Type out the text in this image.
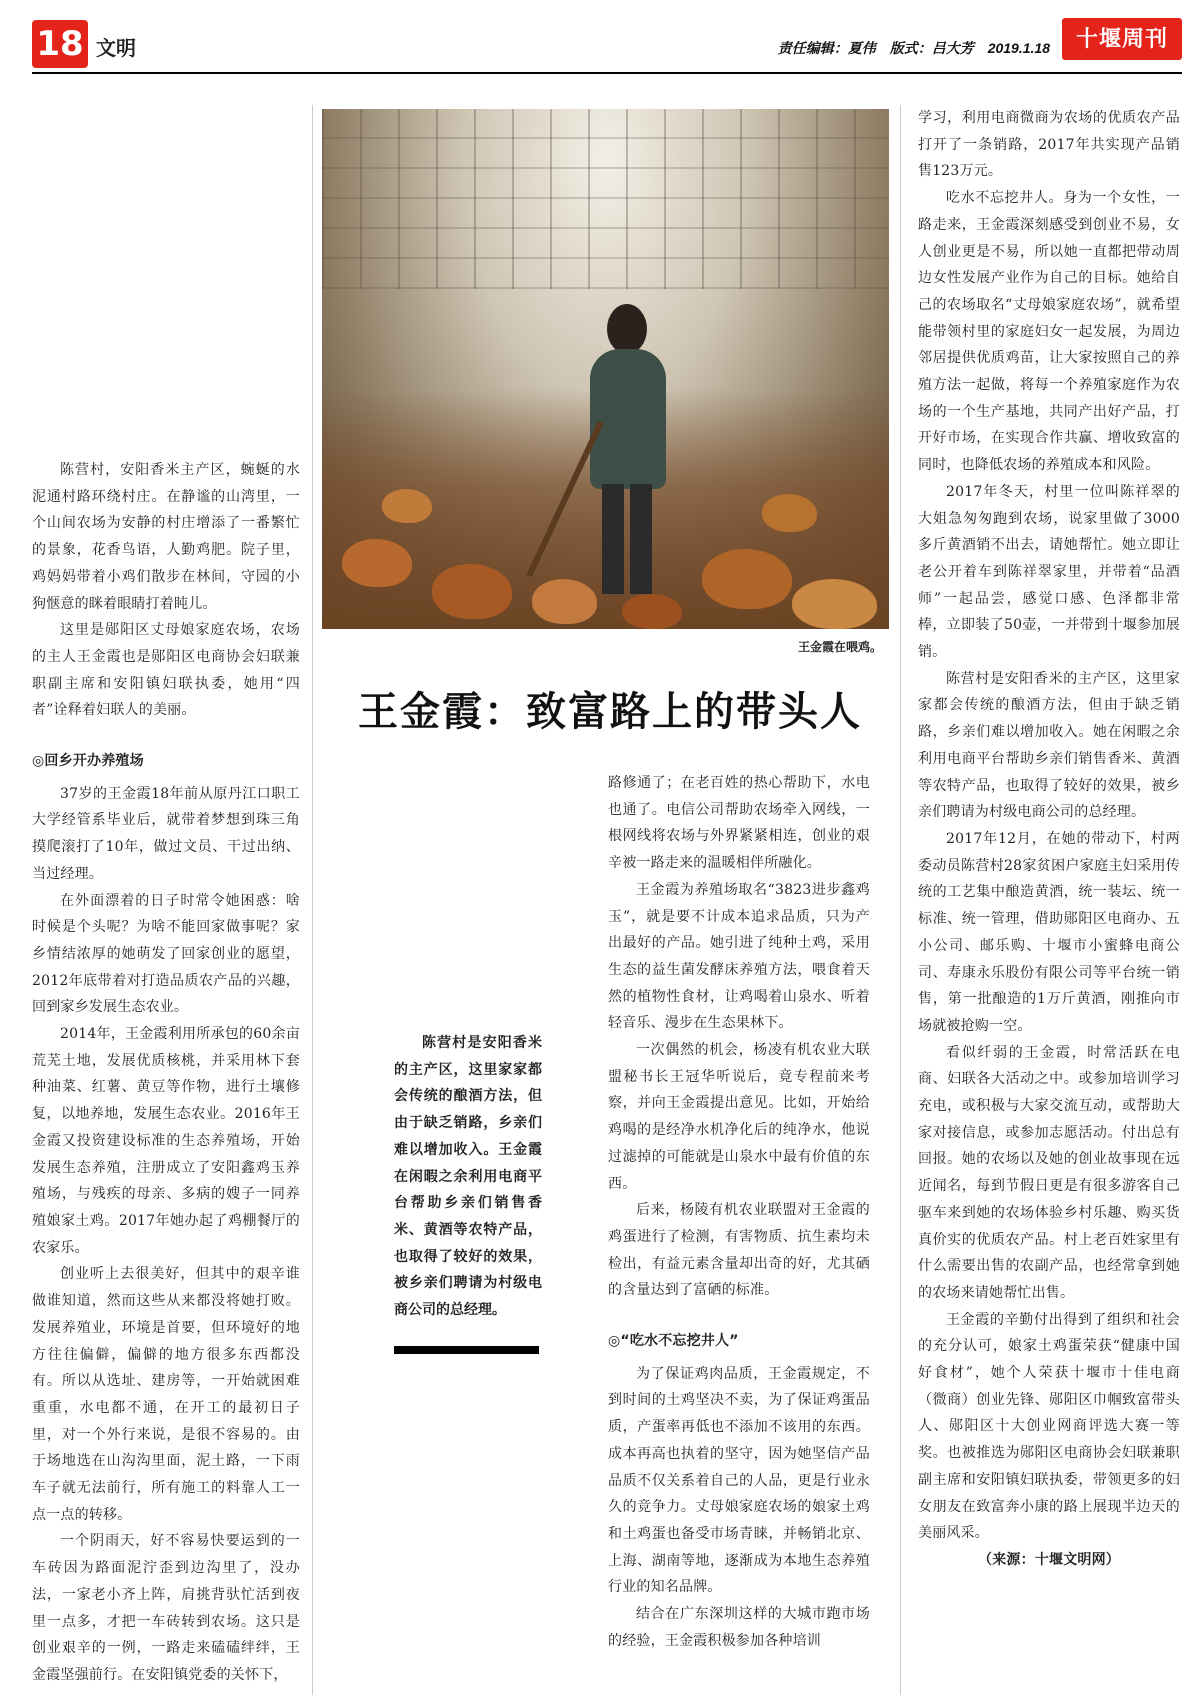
18 文明	责任编辑：夏伟　版式：吕大芳　2019.1.18	十堰周刊
王金霞在喂鸡。
王金霞：致富路上的带头人

陈营村是安阳香米的主产区，这里家家都会传统的酿酒方法，但由于缺乏销路，乡亲们难以增加收入。王金霞在闲暇之余利用电商平台帮助乡亲们销售香米、黄酒等农特产品，也取得了较好的效果，被乡亲们聘请为村级电商公司的总经理。

陈营村，安阳香米主产区，蜿蜒的水泥通村路环绕村庄。在静谧的山湾里，一个山间农场为安静的村庄增添了一番繁忙的景象，花香鸟语，人勤鸡肥。院子里，鸡妈妈带着小鸡们散步在林间，守园的小狗惬意的眯着眼睛打着盹儿。

这里是郧阳区丈母娘家庭农场，农场的主人王金霞也是郧阳区电商协会妇联兼职副主席和安阳镇妇联执委，她用“四者”诠释着妇联人的美丽。

◎回乡开办养殖场

37岁的王金霞18年前从原丹江口职工大学经管系毕业后，就带着梦想到珠三角摸爬滚打了10年，做过文员、干过出纳、当过经理。

在外面漂着的日子时常令她困惑：啥时候是个头呢？为啥不能回家做事呢？家乡情结浓厚的她萌发了回家创业的愿望，2012年底带着对打造品质农产品的兴趣，回到家乡发展生态农业。

2014年，王金霞利用所承包的60余亩荒芜土地，发展优质核桃，并采用林下套种油菜、红薯、黄豆等作物，进行土壤修复，以地养地，发展生态农业。2016年王金霞又投资建设标准的生态养殖场，开始发展生态养殖，注册成立了安阳鑫鸡玉养殖场，与残疾的母亲、多病的嫂子一同养殖娘家土鸡。2017年她办起了鸡棚餐厅的农家乐。

创业听上去很美好，但其中的艰辛谁做谁知道，然而这些从来都没将她打败。发展养殖业，环境是首要，但环境好的地方往往偏僻，偏僻的地方很多东西都没有。所以从选址、建房等，一开始就困难重重，水电都不通，在开工的最初日子里，对一个外行来说，是很不容易的。由于场地选在山沟沟里面，泥土路，一下雨车子就无法前行，所有施工的料靠人工一点一点的转移。

一个阴雨天，好不容易快要运到的一车砖因为路面泥泞歪到边沟里了，没办法，一家老小齐上阵，肩挑背驮忙活到夜里一点多，才把一车砖转到农场。这只是创业艰辛的一例，一路走来磕磕绊绊，王金霞坚强前行。在安阳镇党委的关怀下，

路修通了；在老百姓的热心帮助下，水电也通了。电信公司帮助农场牵入网线，一根网线将农场与外界紧紧相连，创业的艰辛被一路走来的温暖相伴所融化。

王金霞为养殖场取名“3823进步鑫鸡玉”，就是要不计成本追求品质，只为产出最好的产品。她引进了纯种土鸡，采用生态的益生菌发酵床养殖方法，喂食着天然的植物性食材，让鸡喝着山泉水、听着轻音乐、漫步在生态果林下。

一次偶然的机会，杨凌有机农业大联盟秘书长王冠华听说后，竟专程前来考察，并向王金霞提出意见。比如，开始给鸡喝的是经净水机净化后的纯净水，他说过滤掉的可能就是山泉水中最有价值的东西。

后来，杨陵有机农业联盟对王金霞的鸡蛋进行了检测，有害物质、抗生素均未检出，有益元素含量却出奇的好，尤其硒的含量达到了富硒的标准。

◎“吃水不忘挖井人”

为了保证鸡肉品质，王金霞规定，不到时间的土鸡坚决不卖，为了保证鸡蛋品质，产蛋率再低也不添加不该用的东西。成本再高也执着的坚守，因为她坚信产品品质不仅关系着自己的人品，更是行业永久的竞争力。丈母娘家庭农场的娘家土鸡和土鸡蛋也备受市场青睐，并畅销北京、上海、湖南等地，逐渐成为本地生态养殖行业的知名品牌。

结合在广东深圳这样的大城市跑市场的经验，王金霞积极参加各种培训

学习，利用电商微商为农场的优质农产品打开了一条销路，2017年共实现产品销售123万元。

吃水不忘挖井人。身为一个女性，一路走来，王金霞深刻感受到创业不易，女人创业更是不易，所以她一直都把带动周边女性发展产业作为自己的目标。她给自己的农场取名“丈母娘家庭农场”，就希望能带领村里的家庭妇女一起发展，为周边邻居提供优质鸡苗，让大家按照自己的养殖方法一起做，将每一个养殖家庭作为农场的一个生产基地，共同产出好产品，打开好市场，在实现合作共赢、增收致富的同时，也降低农场的养殖成本和风险。

2017年冬天，村里一位叫陈祥翠的大姐急匆匆跑到农场，说家里做了3000多斤黄酒销不出去，请她帮忙。她立即让老公开着车到陈祥翠家里，并带着“品酒师”一起品尝，感觉口感、色泽都非常棒，立即装了50壶，一并带到十堰参加展销。

陈营村是安阳香米的主产区，这里家家都会传统的酿酒方法，但由于缺乏销路，乡亲们难以增加收入。她在闲暇之余利用电商平台帮助乡亲们销售香米、黄酒等农特产品，也取得了较好的效果，被乡亲们聘请为村级电商公司的总经理。

2017年12月，在她的带动下，村两委动员陈营村28家贫困户家庭主妇采用传统的工艺集中酿造黄酒，统一装坛、统一标准、统一管理，借助郧阳区电商办、五小公司、邮乐购、十堰市小蜜蜂电商公司、寿康永乐股份有限公司等平台统一销售，第一批酿造的1万斤黄酒，刚推向市场就被抢购一空。

看似纤弱的王金霞，时常活跃在电商、妇联各大活动之中。或参加培训学习充电，或积极与大家交流互动，或帮助大家对接信息，或参加志愿活动。付出总有回报。她的农场以及她的创业故事现在远近闻名，每到节假日更是有很多游客自己驱车来到她的农场体验乡村乐趣、购买货真价实的优质农产品。村上老百姓家里有什么需要出售的农副产品，也经常拿到她的农场来请她帮忙出售。

王金霞的辛勤付出得到了组织和社会的充分认可，娘家土鸡蛋荣获“健康中国好食材”，她个人荣获十堰市十佳电商（微商）创业先锋、郧阳区巾帼致富带头人、郧阳区十大创业网商评选大赛一等奖。也被推选为郧阳区电商协会妇联兼职副主席和安阳镇妇联执委，带领更多的妇女朋友在致富奔小康的路上展现半边天的美丽风采。

（来源：十堰文明网）
